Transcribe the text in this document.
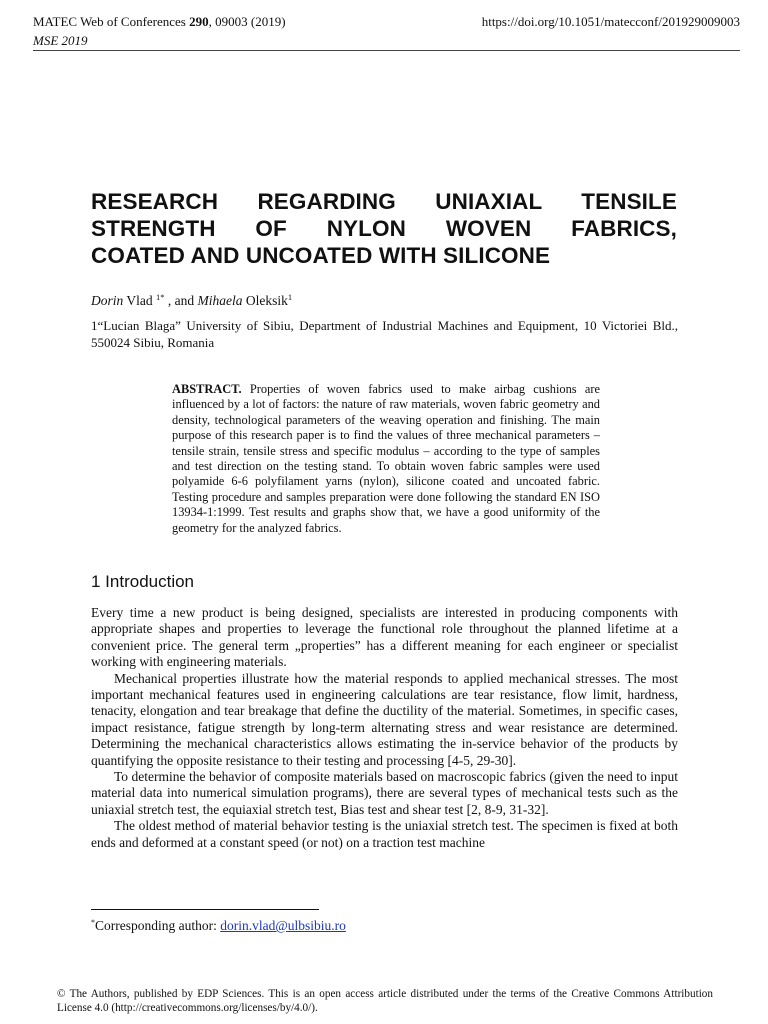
MATEC Web of Conferences 290, 09003 (2019)	https://doi.org/10.1051/matecconf/201929009003
MSE 2019
RESEARCH REGARDING UNIAXIAL TENSILE
STRENGTH OF NYLON WOVEN FABRICS,
COATED AND UNCOATED WITH SILICONE
Dorin Vlad $^{1*}$ , and Mihaela Oleksik$^1$
1“Lucian Blaga” University of Sibiu, Department of Industrial Machines and Equipment, 10 Victoriei Bld., 550024 Sibiu, Romania
ABSTRACT. Properties of woven fabrics used to make airbag cushions are influenced by a lot of factors: the nature of raw materials, woven fabric geometry and density, technological parameters of the weaving operation and finishing. The main purpose of this research paper is to find the values of three mechanical parameters – tensile strain, tensile stress and specific modulus – according to the type of samples and test direction on the testing stand. To obtain woven fabric samples were used polyamide 6-6 polyfilament yarns (nylon), silicone coated and uncoated fabric. Testing procedure and samples preparation were done following the standard EN ISO 13934-1:1999. Test results and graphs show that, we have a good uniformity of the geometry for the analyzed fabrics.
1 Introduction

Every time a new product is being designed, specialists are interested in producing components with appropriate shapes and properties to leverage the functional role throughout the planned lifetime at a convenient price. The general term „properties” has a different meaning for each engineer or specialist working with engineering materials.

Mechanical properties illustrate how the material responds to applied mechanical stresses. The most important mechanical features used in engineering calculations are tear resistance, flow limit, hardness, tenacity, elongation and tear breakage that define the ductility of the material. Sometimes, in specific cases, impact resistance, fatigue strength by long-term alternating stress and wear resistance are determined. Determining the mechanical characteristics allows estimating the in-service behavior of the products by quantifying the opposite resistance to their testing and processing [4-5, 29-30].

To determine the behavior of composite materials based on macroscopic fabrics (given the need to input material data into numerical simulation programs), there are several types of mechanical tests such as the uniaxial stretch test, the equiaxial stretch test, Bias test and shear test [2, 8-9, 31-32].

The oldest method of material behavior testing is the uniaxial stretch test. The specimen is fixed at both ends and deformed at a constant speed (or not) on a traction test machine

*Corresponding author: dorin.vlad@ulbsibiu.ro
© The Authors, published by EDP Sciences. This is an open access article distributed under the terms of the Creative Commons Attribution License 4.0 (http://creativecommons.org/licenses/by/4.0/).
